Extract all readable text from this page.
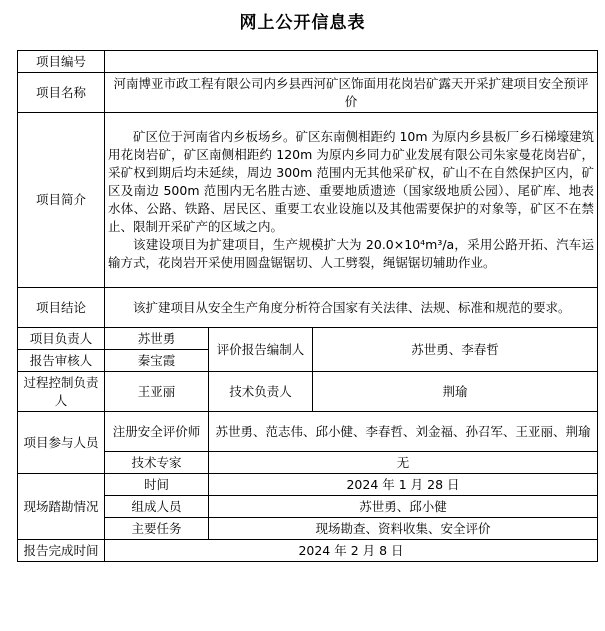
网上公开信息表
项目编号			
项目名称	河南博亚市政工程有限公司内乡县西河矿区饰面用花岗岩矿露天开采扩建项目安全预评价		
项目简介	矿区位于河南省内乡板场乡。矿区东南侧相距约 10m 为原内乡县板厂乡石梯壕建筑用花岗岩矿，矿区南侧相距约 120m 为原内乡同力矿业发展有限公司朱家曼花岗岩矿，采矿权到期后均未延续，周边 300m 范围内无其他采矿权，矿山不在自然保护区内，矿区及南边 500m 范围内无名胜古迹、重要地质遗迹（国家级地质公园）、尾矿库、地表水体、公路、铁路、居民区、重要工农业设施以及其他需要保护的对象等，矿区不在禁止、限制开采矿产的区域之内。

该建设项目为扩建项目，生产规模扩大为 20.0×10⁴m³/a，采用公路开拓、汽车运输方式，花岗岩开采使用圆盘锯锯切、人工劈裂，绳锯锯切辅助作业。		

项目结论	该扩建项目从安全生产角度分析符合国家有关法律、法规、标准和规范的要求。		

项目负责人	苏世勇	评价报告编制人	苏世勇、李春哲
报告审核人	秦宝霞		
过程控制负责人	王亚丽	技术负责人	荆瑜
项目参与人员	注册安全评价师	苏世勇、范志伟、邱小健、李春哲、刘金福、孙召军、王亚丽、荆瑜	
	技术专家	无	
现场踏勘情况	时间	2024 年 1 月 28 日	
	组成人员	苏世勇、邱小健	
	主要任务	现场勘查、资料收集、安全评价	
报告完成时间	2024 年 2 月 8 日		
